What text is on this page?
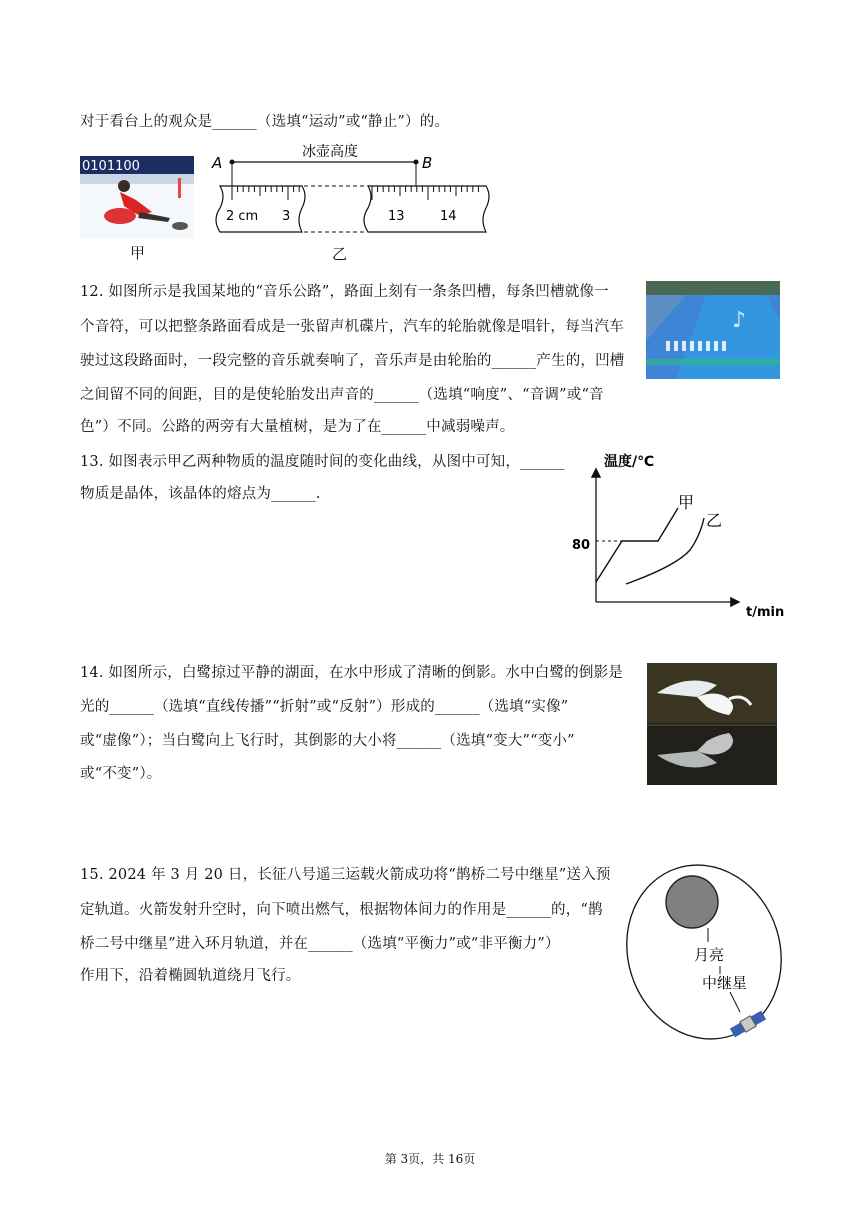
对于看台上的观众是______（选填“运动”或“静止”）的。
0101100
甲
A	B
冰壶高度
2 cm 3	13	14
乙
12. 如图所示是我国某地的“音乐公路”，路面上刻有一条条凹槽，每条凹槽就像一
个音符，可以把整条路面看成是一张留声机碟片，汽车的轮胎就像是唱针，每当汽车
驶过这段路面时，一段完整的音乐就奏响了，音乐声是由轮胎的______产生的，凹槽
之间留不同的间距，目的是使轮胎发出声音的______（选填“响度”、“音调”或“音
色”）不同。公路的两旁有大量植树，是为了在______中减弱噪声。
♪
13. 如图表示甲乙两种物质的温度随时间的变化曲线，从图中可知，______
物质是晶体，该晶体的熔点为______.
温度/℃
t/min
80
甲
乙
14. 如图所示，白鹭掠过平静的湖面，在水中形成了清晰的倒影。水中白鹭的倒影是
光的______（选填“直线传播”“折射”或“反射”）形成的______（选填“实像”
或“虚像”）；当白鹭向上飞行时，其倒影的大小将______（选填“变大”“变小”
或“不变”）。
15. 2024 年 3 月 20 日，长征八号遥三运载火箭成功将“鹊桥二号中继星”送入预
定轨道。火箭发射升空时，向下喷出燃气，根据物体间力的作用是______的，“鹊
桥二号中继星”进入环月轨道，并在______（选填“平衡力”或“非平衡力”）
作用下，沿着椭圆轨道绕月飞行。
月亮
中继星
第 3页，共 16页
